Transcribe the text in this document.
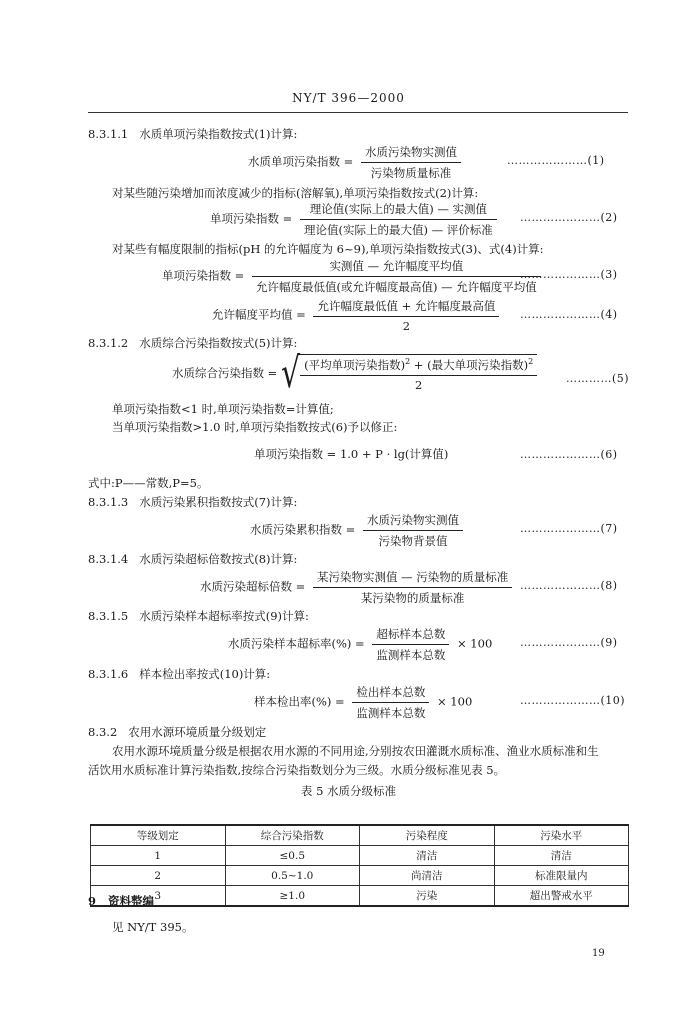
NY/T 396—2000
8.3.1.1 水质单项污染指数按式(1)计算:
水质单项污染指数 = $\frac{\text{水质污染物实测值}}{\text{污染物质量标准}}$	…………………(1)
对某些随污染增加而浓度减少的指标(溶解氧),单项污染指数按式(2)计算:
单项污染指数 = $\frac{\text{理论值(实际上的最大值) — 实测值}}{\text{理论值(实际上的最大值) — 评价标准}}$ …………………(2)
对某些有幅度限制的指标(pH 的允许幅度为 6~9),单项污染指数按式(3)、式(4)计算:
单项污染指数 = $\frac{\text{实测值 — 允许幅度平均值}}{\text{允许幅度最低值(或允许幅度最高值) — 允许幅度平均值}}$
…………………(3)
允许幅度平均值 = $\frac{\text{允许幅度最低值 + 允许幅度最高值}}{2}$ …………………(4)
8.3.1.2 水质综合污染指数按式(5)计算:
水质综合污染指数 = √ $\frac{(平均单项污染指数)^2 + (最大单项污染指数)^2}{2}$	…………(5)
单项污染指数<1 时,单项污染指数=计算值;
当单项污染指数>1.0 时,单项污染指数按式(6)予以修正:
单项污染指数 = 1.0 + P · lg(计算值)	…………………(6)
式中:P——常数,P=5。
8.3.1.3 水质污染累积指数按式(7)计算:
水质污染累积指数 = $\frac{\text{水质污染物实测值}}{\text{污染物背景值}}$	…………………(7)
8.3.1.4 水质污染超标倍数按式(8)计算:
水质污染超标倍数 = $\frac{\text{某污染物实测值 — 污染物的质量标准}}{\text{某污染物的质量标准}}$ …………………(8)
8.3.1.5 水质污染样本超标率按式(9)计算:
水质污染样本超标率(%) = $\frac{\text{超标样本总数}}{\text{监测样本总数}} \times 100$	…………………(9)
8.3.1.6 样本检出率按式(10)计算:
样本检出率(%) = $\frac{\text{检出样本总数}}{\text{监测样本总数}} \times 100$	…………………(10)
8.3.2 农用水源环境质量分级划定
农用水源环境质量分级是根据农用水源的不同用途,分别按农田灌溉水质标准、渔业水质标准和生
活饮用水质标准计算污染指数,按综合污染指数划分为三级。水质分级标准见表 5。
表 5 水质分级标准
等级划定	综合污染指数	污染程度	污染水平
1	≤0.5	清洁	清洁
2	0.5~1.0	尚清洁	标准限量内
3	≥1.0	污染	超出警戒水平
9 资料整编
见 NY/T 395。
19
